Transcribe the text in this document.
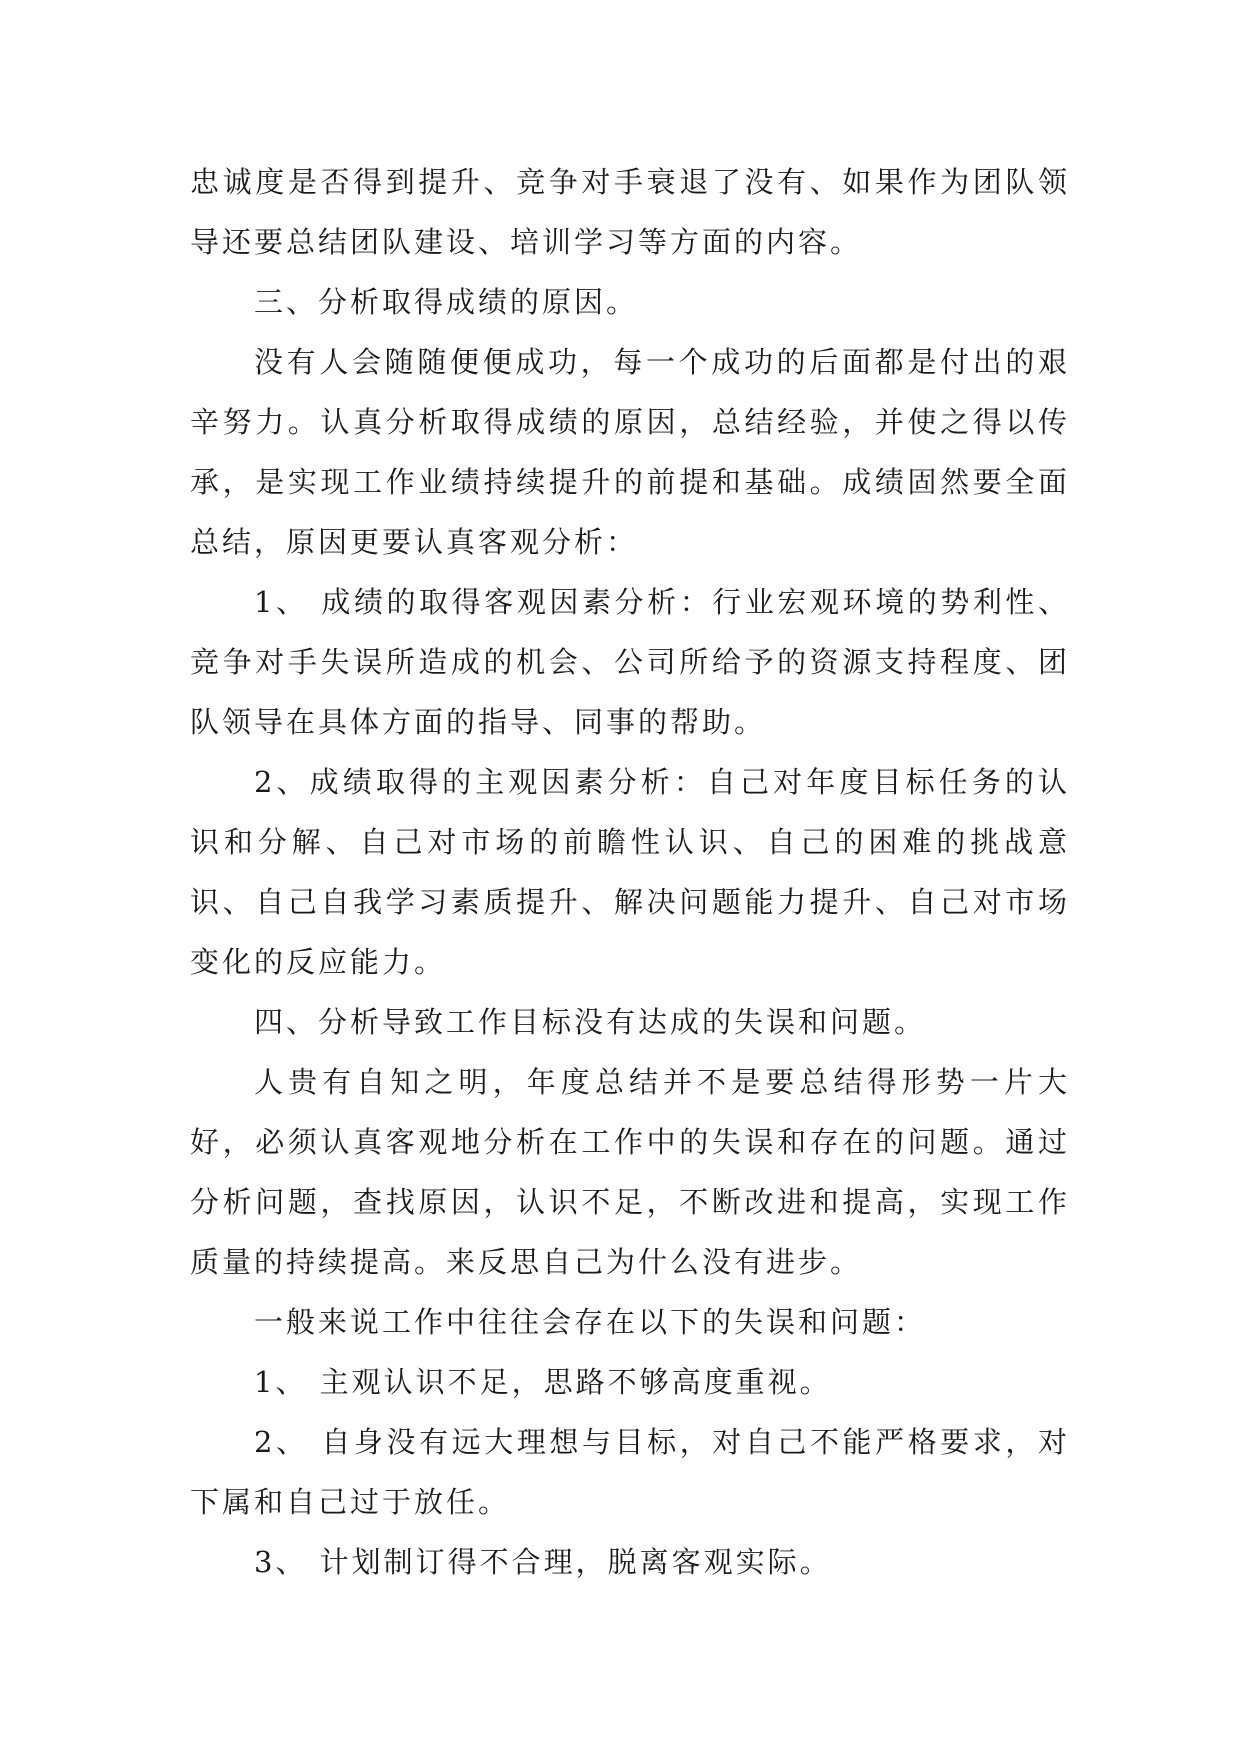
忠诚度是否得到提升、竞争对手衰退了没有、如果作为团队领导还要总结团队建设、培训学习等方面的内容。

三、分析取得成绩的原因。

没有人会随随便便成功，每一个成功的后面都是付出的艰辛努力。认真分析取得成绩的原因，总结经验，并使之得以传承，是实现工作业绩持续提升的前提和基础。成绩固然要全面总结，原因更要认真客观分析：

1、 成绩的取得客观因素分析：行业宏观环境的势利性、竞争对手失误所造成的机会、公司所给予的资源支持程度、团队领导在具体方面的指导、同事的帮助。

2、成绩取得的主观因素分析：自己对年度目标任务的认识和分解、自己对市场的前瞻性认识、自己的困难的挑战意识、自己自我学习素质提升、解决问题能力提升、自己对市场变化的反应能力。

四、分析导致工作目标没有达成的失误和问题。

人贵有自知之明，年度总结并不是要总结得形势一片大好，必须认真客观地分析在工作中的失误和存在的问题。通过分析问题，查找原因，认识不足，不断改进和提高，实现工作质量的持续提高。来反思自己为什么没有进步。

一般来说工作中往往会存在以下的失误和问题：

1、 主观认识不足，思路不够高度重视。

2、 自身没有远大理想与目标，对自己不能严格要求，对下属和自己过于放任。

3、 计划制订得不合理，脱离客观实际。
